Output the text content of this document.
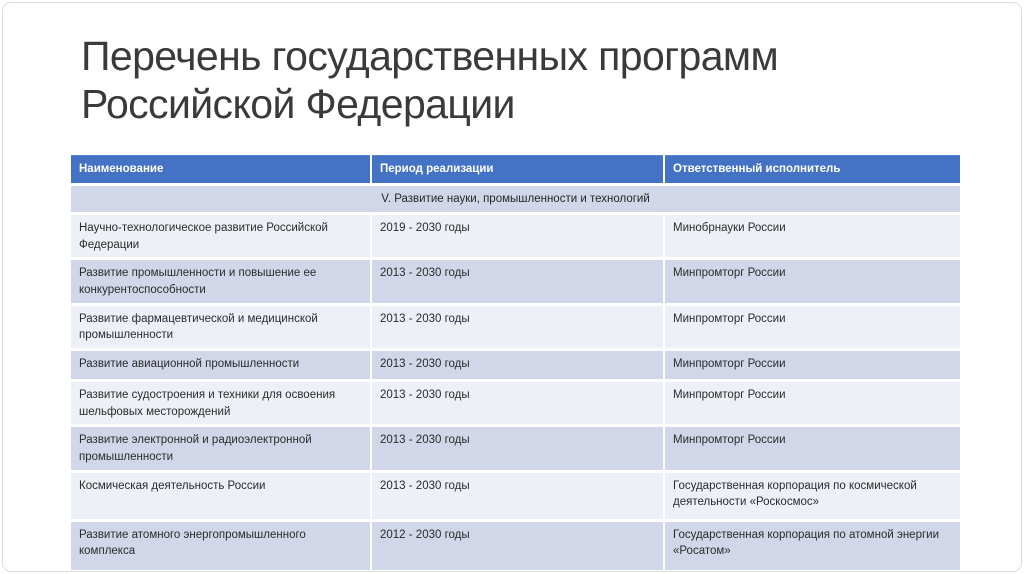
Перечень государственных программ Российской Федерации
Наименование	Период реализации	Ответственный исполнитель
V. Развитие науки, промышленности и технологий		
Научно-технологическое развитие Российской Федерации	2019 - 2030 годы	Минобрнауки России
Развитие промышленности и повышение ее конкурентоспособности	2013 - 2030 годы	Минпромторг России
Развитие фармацевтической и медицинской промышленности	2013 - 2030 годы	Минпромторг России
Развитие авиационной промышленности	2013 - 2030 годы	Минпромторг России
Развитие судостроения и техники для освоения шельфовых месторождений	2013 - 2030 годы	Минпромторг России
Развитие электронной и радиоэлектронной промышленности	2013 - 2030 годы	Минпромторг России
Космическая деятельность России	2013 - 2030 годы	Государственная корпорация по космической деятельности «Роскосмос»
Развитие атомного энергопромышленного комплекса	2012 - 2030 годы	Государственная корпорация по атомной энергии «Росатом»
